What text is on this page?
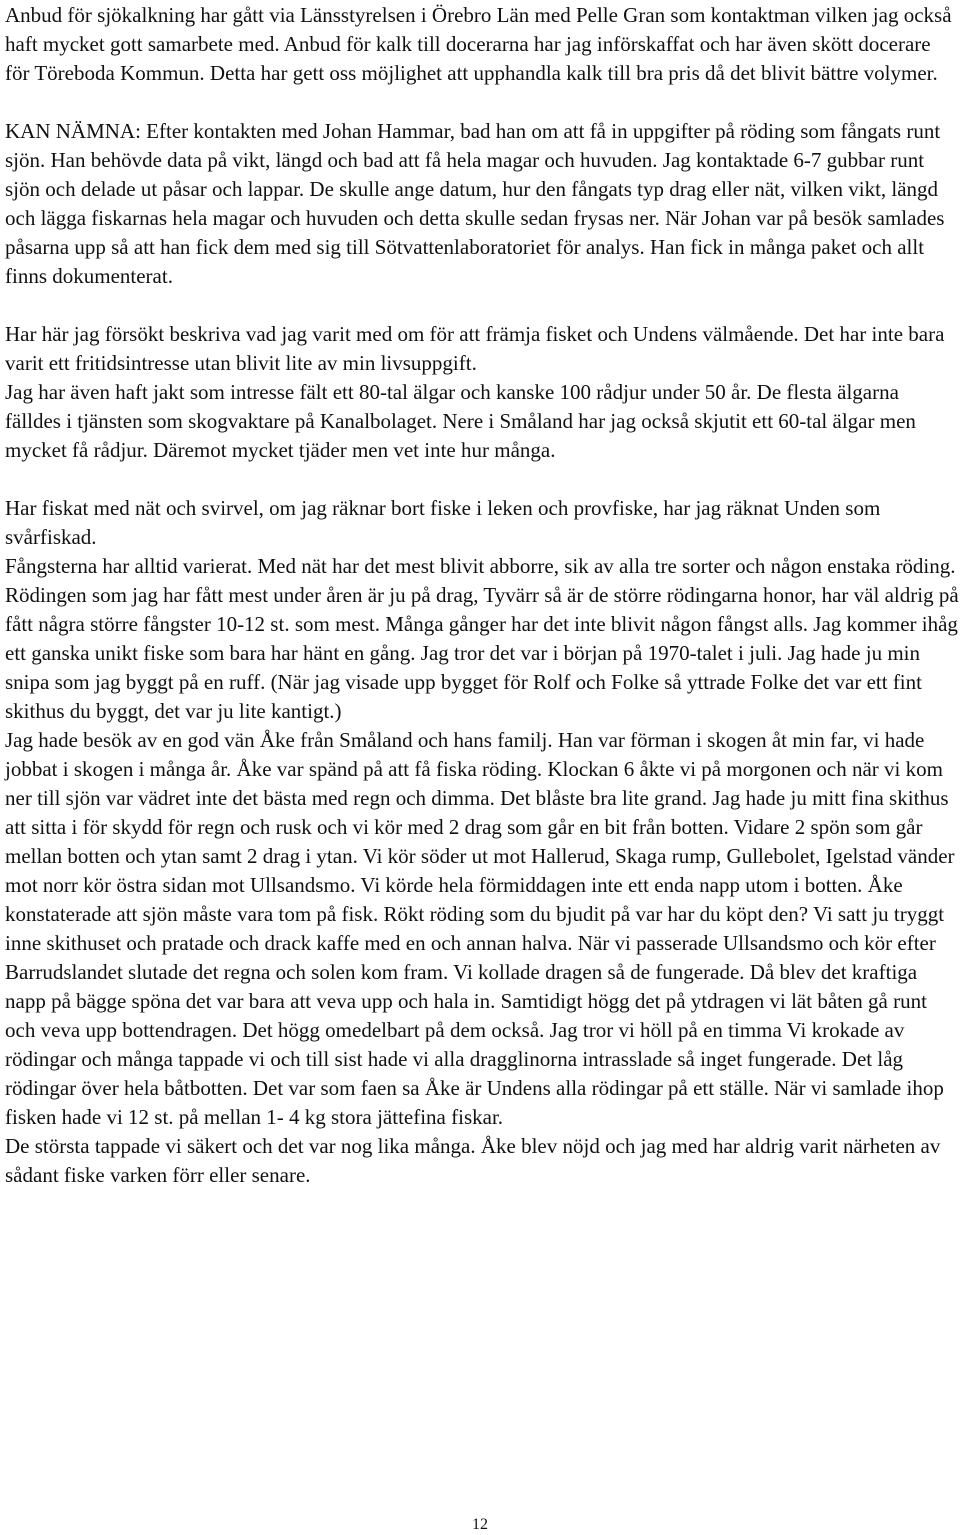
Anbud för sjökalkning har gått via Länsstyrelsen i Örebro Län med Pelle Gran som kontaktman vilken jag också haft mycket gott samarbete med. Anbud för kalk till docerarna har jag införskaffat och har även skött docerare för Töreboda Kommun. Detta har gett oss möjlighet att upphandla kalk till bra pris då det blivit bättre volymer.

KAN NÄMNA: Efter kontakten med Johan Hammar, bad han om att få in uppgifter på röding som fångats runt sjön. Han behövde data på vikt, längd och bad att få hela magar och huvuden. Jag kontaktade 6-7 gubbar runt sjön och delade ut påsar och lappar. De skulle ange datum, hur den fångats typ drag eller nät, vilken vikt, längd och lägga fiskarnas hela magar och huvuden och detta skulle sedan frysas ner. När Johan var på besök samlades påsarna upp så att han fick dem med sig till Sötvattenlaboratoriet för analys. Han fick in många paket och allt finns dokumenterat.

Har här jag försökt beskriva vad jag varit med om för att främja fisket och Undens välmående. Det har inte bara varit ett fritidsintresse utan blivit lite av min livsuppgift.

Jag har även haft jakt som intresse fält ett 80-tal älgar och kanske 100 rådjur under 50 år. De flesta älgarna fälldes i tjänsten som skogvaktare på Kanalbolaget. Nere i Småland har jag också skjutit ett 60-tal älgar men mycket få rådjur. Däremot mycket tjäder men vet inte hur många.

Har fiskat med nät och svirvel, om jag räknar bort fiske i leken och provfiske, har jag räknat Unden som svårfiskad.

Fångsterna har alltid varierat. Med nät har det mest blivit abborre, sik av alla tre sorter och någon enstaka röding. Rödingen som jag har fått mest under åren är ju på drag, Tyvärr så är de större rödingarna honor, har väl aldrig på fått några större fångster 10-12 st. som mest. Många gånger har det inte blivit någon fångst alls. Jag kommer ihåg ett ganska unikt fiske som bara har hänt en gång. Jag tror det var i början på 1970-talet i juli. Jag hade ju min snipa som jag byggt på en ruff. (När jag visade upp bygget för Rolf och Folke så yttrade Folke det var ett fint skithus du byggt, det var ju lite kantigt.)

Jag hade besök av en god vän Åke från Småland och hans familj. Han var förman i skogen åt min far, vi hade jobbat i skogen i många år. Åke var spänd på att få fiska röding. Klockan 6 åkte vi på morgonen och när vi kom ner till sjön var vädret inte det bästa med regn och dimma. Det blåste bra lite grand. Jag hade ju mitt fina skithus att sitta i för skydd för regn och rusk och vi kör med 2 drag som går en bit från botten. Vidare 2 spön som går mellan botten och ytan samt 2 drag i ytan. Vi kör söder ut mot Hallerud, Skaga rump, Gullebolet, Igelstad vänder mot norr kör östra sidan mot Ullsandsmo. Vi körde hela förmiddagen inte ett enda napp utom i botten. Åke konstaterade att sjön måste vara tom på fisk. Rökt röding som du bjudit på var har du köpt den? Vi satt ju tryggt inne skithuset och pratade och drack kaffe med en och annan halva. När vi passerade Ullsandsmo och kör efter Barrudslandet slutade det regna och solen kom fram. Vi kollade dragen så de fungerade. Då blev det kraftiga napp på bägge spöna det var bara att veva upp och hala in. Samtidigt högg det på ytdragen vi lät båten gå runt och veva upp bottendragen. Det högg omedelbart på dem också. Jag tror vi höll på en timma Vi krokade av rödingar och många tappade vi och till sist hade vi alla dragglinorna intrasslade så inget fungerade. Det låg rödingar över hela båtbotten. Det var som faen sa Åke är Undens alla rödingar på ett ställe. När vi samlade ihop fisken hade vi 12 st. på mellan 1- 4 kg stora jättefina fiskar.

De största tappade vi säkert och det var nog lika många. Åke blev nöjd och jag med har aldrig varit närheten av sådant fiske varken förr eller senare.

12
